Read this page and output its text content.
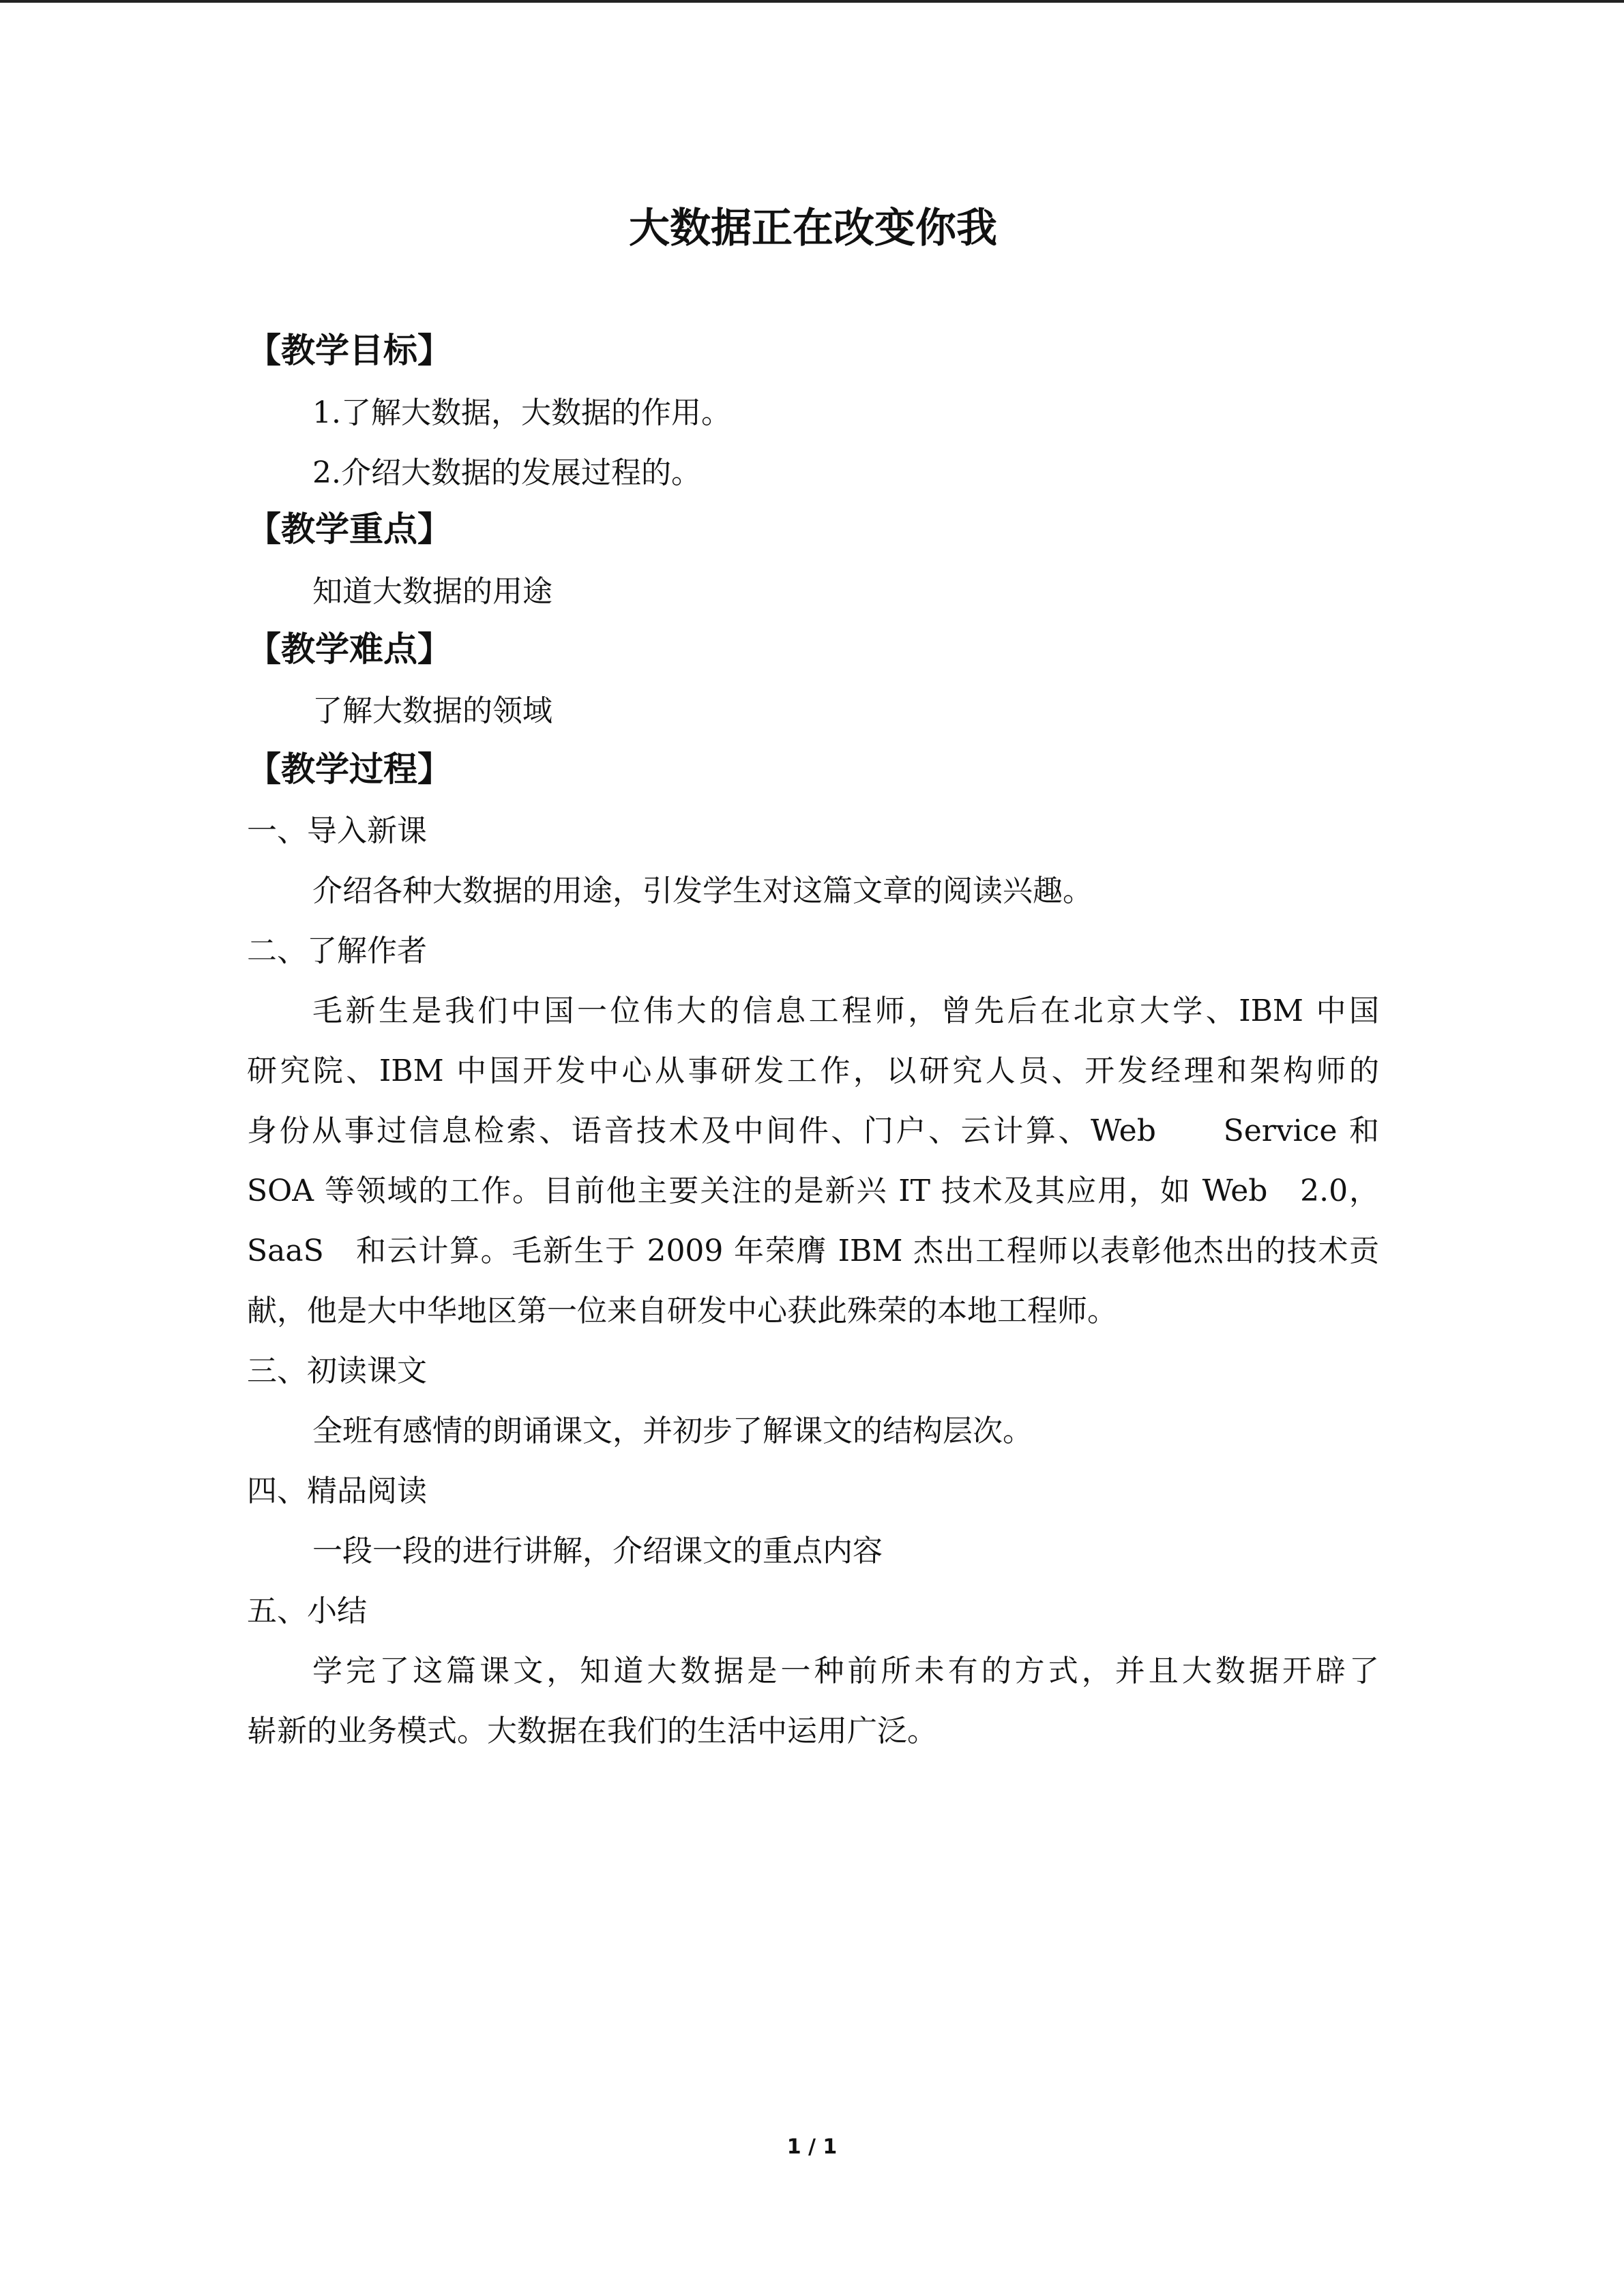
大数据正在改变你我
【教学目标】

1.了解大数据，大数据的作用。

2.介绍大数据的发展过程的。

【教学重点】

知道大数据的用途

【教学难点】

了解大数据的领域

【教学过程】

一、导入新课

介绍各种大数据的用途，引发学生对这篇文章的阅读兴趣。

二、了解作者

毛新生是我们中国一位伟大的信息工程师，曾先后在北京大学、IBM 中国

研究院、IBM 中国开发中心从事研发工作，以研究人员、开发经理和架构师的

身份从事过信息检索、语音技术及中间件、门户、云计算、Web　　Service 和

SOA 等领域的工作。目前他主要关注的是新兴 IT 技术及其应用，如 Web　2.0，

SaaS　和云计算。毛新生于 2009 年荣膺 IBM 杰出工程师以表彰他杰出的技术贡

献，他是大中华地区第一位来自研发中心获此殊荣的本地工程师。

三、初读课文

全班有感情的朗诵课文，并初步了解课文的结构层次。

四、精品阅读

一段一段的进行讲解，介绍课文的重点内容

五、小结

学完了这篇课文，知道大数据是一种前所未有的方式，并且大数据开辟了

崭新的业务模式。大数据在我们的生活中运用广泛。

1 / 1
